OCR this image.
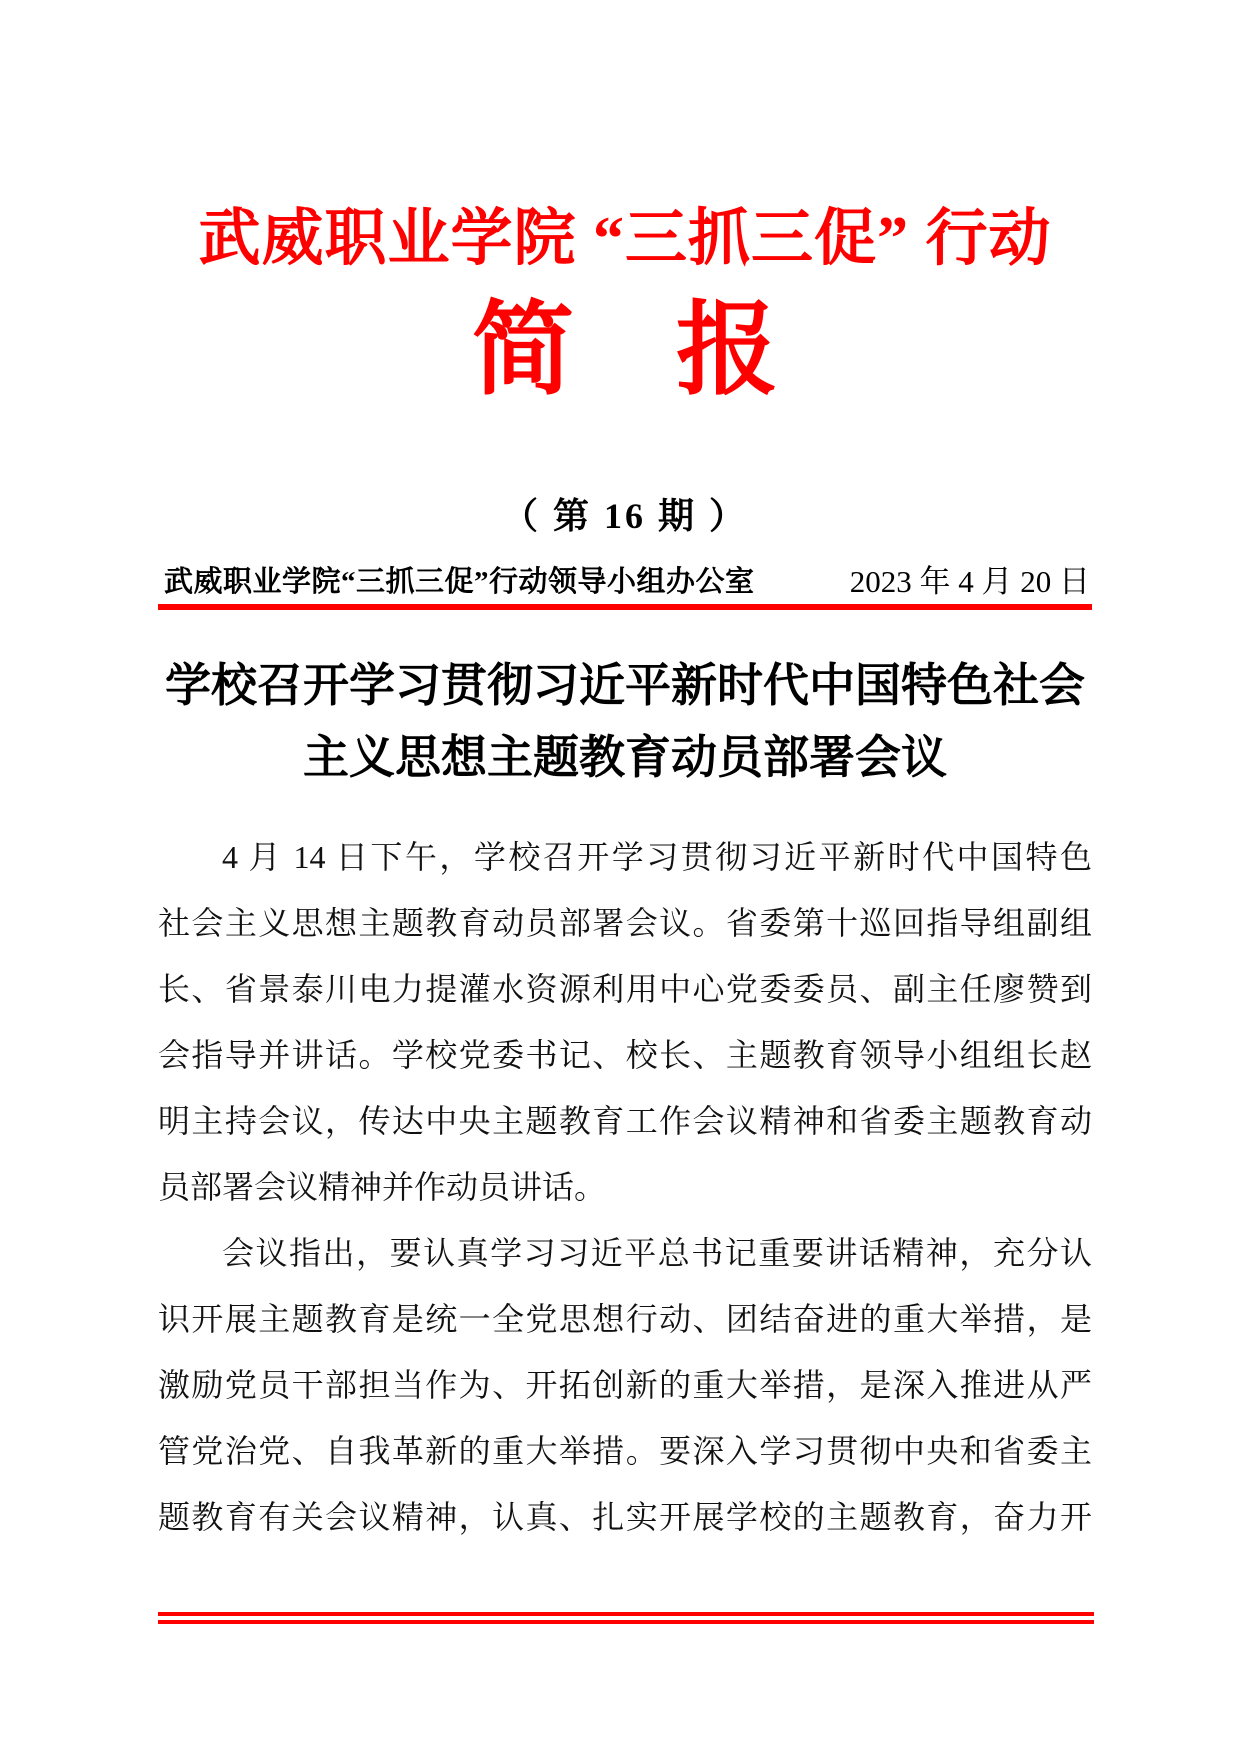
武威职业学院 “三抓三促” 行动
简　报
（ 第 16 期 ）
武威职业学院“三抓三促”行动领导小组办公室	2023 年 4 月 20 日
学校召开学习贯彻习近平新时代中国特色社会
主义思想主题教育动员部署会议
4 月 14 日下午，学校召开学习贯彻习近平新时代中国特色
社会主义思想主题教育动员部署会议。省委第十巡回指导组副组
长、省景泰川电力提灌水资源利用中心党委委员、副主任廖赞到
会指导并讲话。学校党委书记、校长、主题教育领导小组组长赵
明主持会议，传达中央主题教育工作会议精神和省委主题教育动
员部署会议精神并作动员讲话。
会议指出，要认真学习习近平总书记重要讲话精神，充分认
识开展主题教育是统一全党思想行动、团结奋进的重大举措，是
激励党员干部担当作为、开拓创新的重大举措，是深入推进从严
管党治党、自我革新的重大举措。要深入学习贯彻中央和省委主
题教育有关会议精神，认真、扎实开展学校的主题教育，奋力开
